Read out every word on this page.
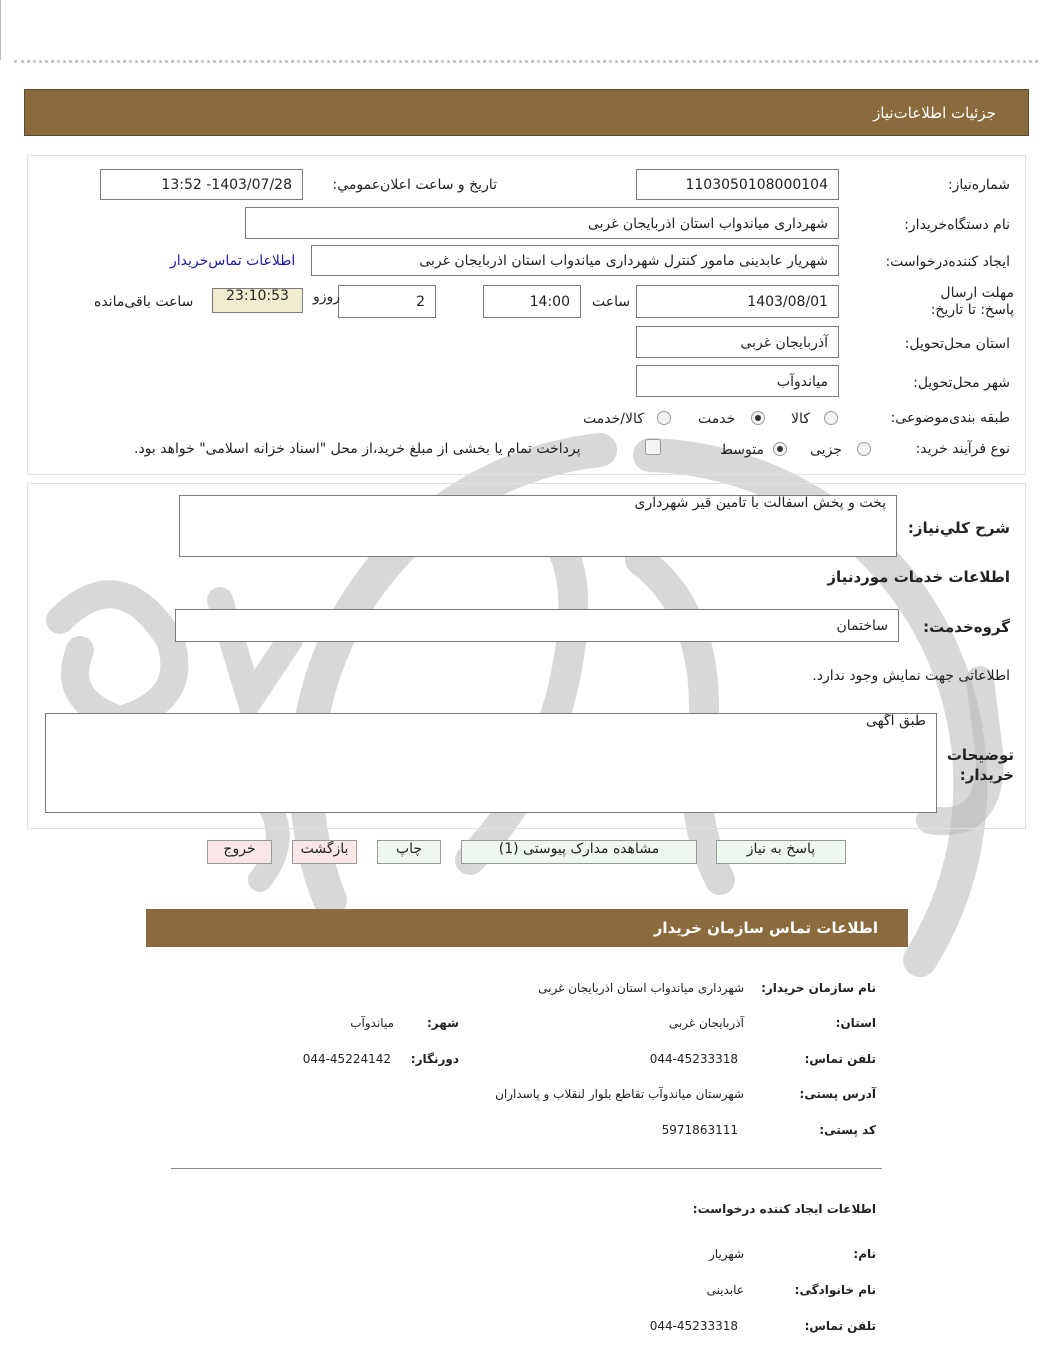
جزئيات اطلاعات‌نیاز
شماره‌نیاز:
1103050108000104
تاريخ و ساعت اعلان‌عمومي:
1403/07/28- 13:52
نام دستگاه‌خریدار:
شهرداری میاندواب استان اذربایجان غربی
ایجاد کننده‌درخواست:
شهریار عابدینی مامور کنترل شهرداری میاندواب استان اذربایجان غربی
اطلاعات تماس‌خریدار
مهلت ارسال پاسخ: تا تاریخ:
1403/08/01
ساعت
14:00
2
روزو
23:10:53
ساعت باقی‌مانده
استان محل‌تحویل:
آذربایجان غربی
شهر محل‌تحویل:
میاندوآب
طبقه بندی‌موضوعی:
کالا
خدمت
کالا/خدمت
نوع فرآیند خرید:
جزیی
متوسط
پرداخت تمام یا بخشی از مبلغ خرید،از محل "اسناد خزانه اسلامی" خواهد بود.
شرح کلي‌نياز:
پخت و پخش اسفالت با تامین قیر شهرداری
اطلاعات خدمات موردنیاز
گروه‌خدمت:
ساختمان
اطلاعاتی جهت نمایش وجود ندارد.
توضیحات خریدار:
طبق اگهی
پاسخ به نیاز
مشاهده مدارک پیوستی (1)
چاپ
بازگشت
خروج
اطلاعات تماس سازمان خریدار
نام سازمان خریدار:
شهرداری میاندواب استان اذربایجان غربی
استان:
آذربایجان غربی
شهر:
میاندوآب
تلفن تماس:
044-45233318
دورنگار:
044-45224142
آدرس پستی:
شهرستان میاندوآب تقاطع بلوار لنقلاب و پاسداران
کد پستی:
5971863111
اطلاعات ایجاد کننده درخواست:
نام:
شهریار
نام خانوادگی:
عابدینی
تلفن تماس:
044-45233318
